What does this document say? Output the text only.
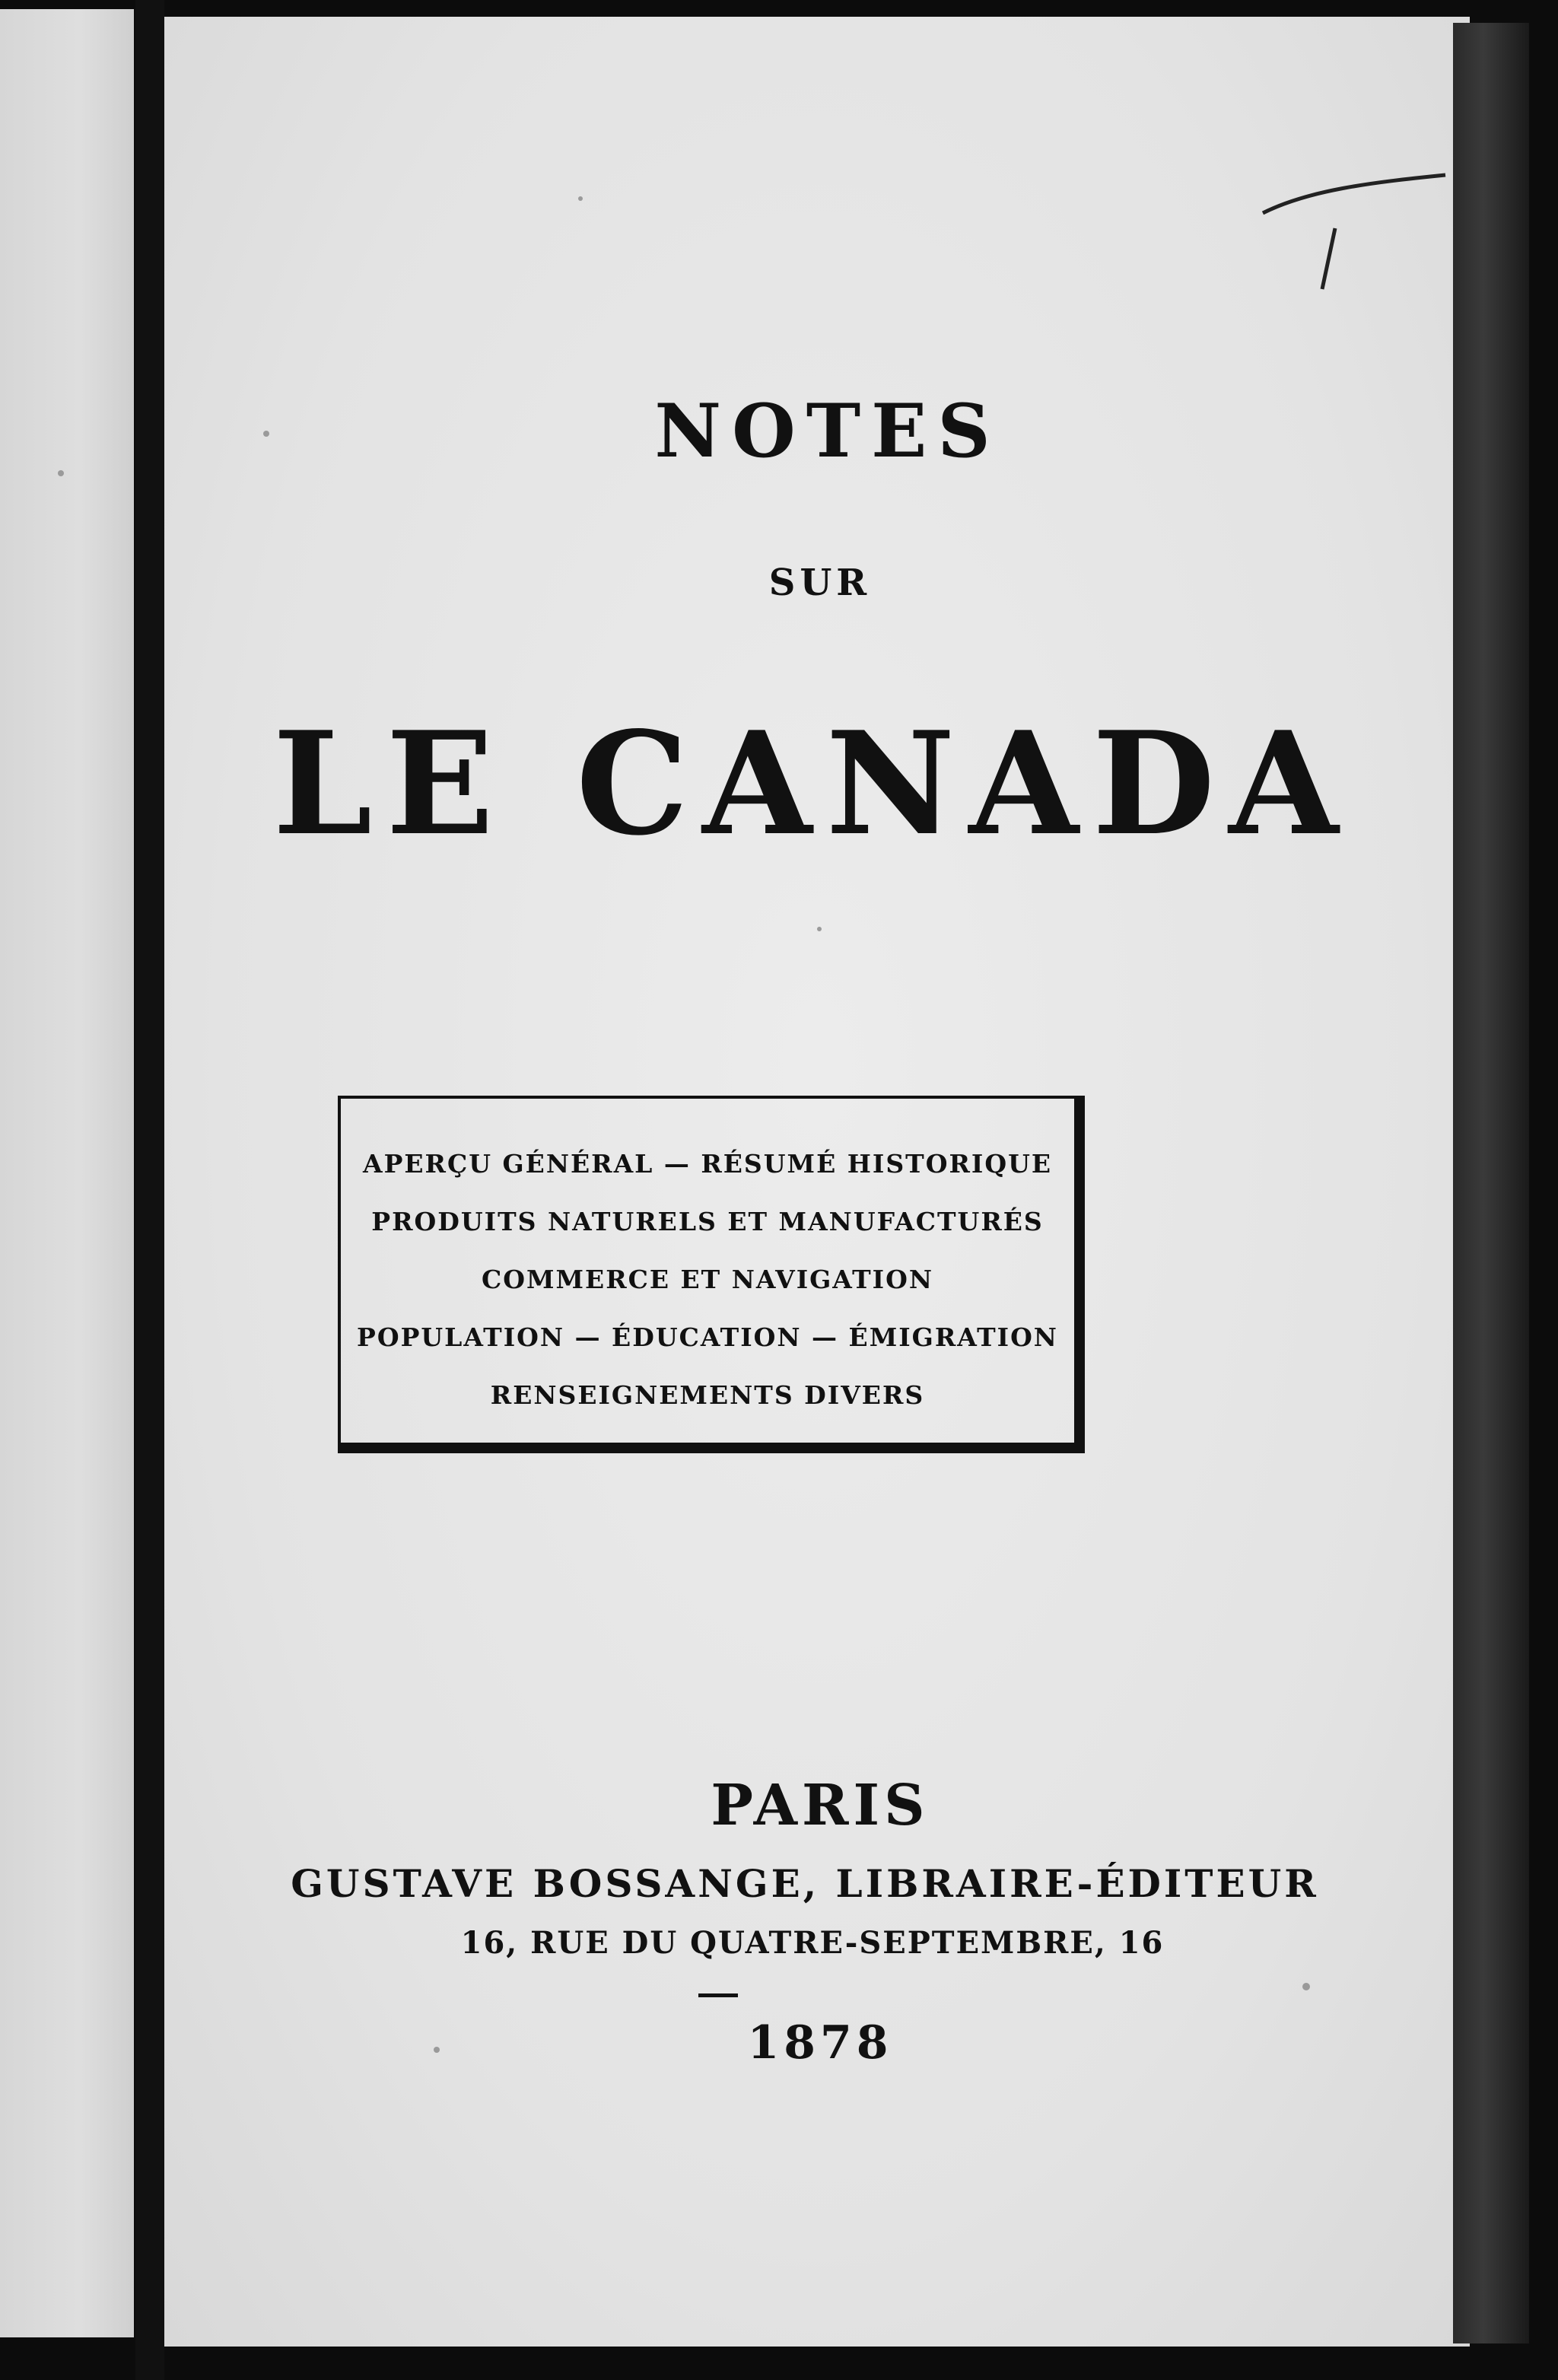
NOTES
SUR
LE CANADA
APERÇU GÉNÉRAL — RÉSUMÉ HISTORIQUE
PRODUITS NATURELS ET MANUFACTURÉS
COMMERCE ET NAVIGATION
POPULATION — ÉDUCATION — ÉMIGRATION
RENSEIGNEMENTS DIVERS
PARIS
GUSTAVE BOSSANGE, LIBRAIRE-ÉDITEUR
16, RUE DU QUATRE-SEPTEMBRE, 16
1878
